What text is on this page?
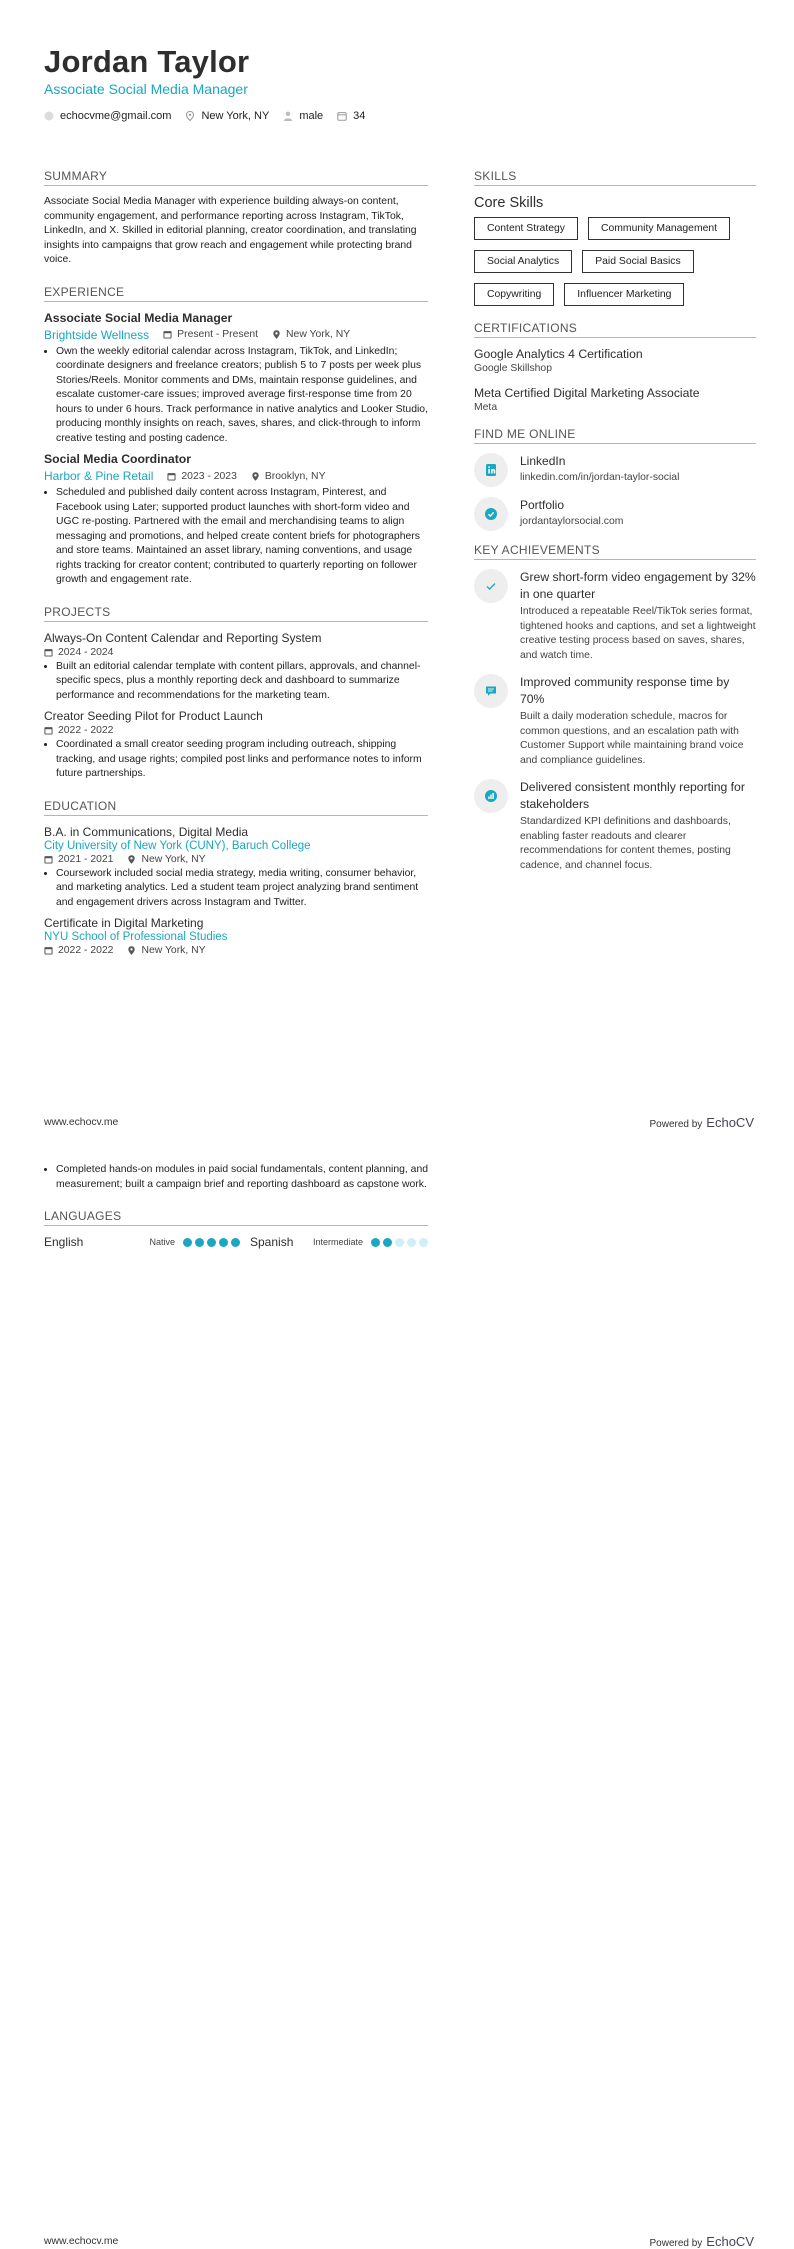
Jordan Taylor
Associate Social Media Manager
echocvme@gmail.com	New York, NY	male	34
SUMMARY
Associate Social Media Manager with experience building always-on content, community engagement, and performance reporting across Instagram, TikTok, LinkedIn, and X. Skilled in editorial planning, creator coordination, and translating insights into campaigns that grow reach and engagement while protecting brand voice.
EXPERIENCE
Associate Social Media Manager
Brightside Wellness	Present - Present	New York, NY
• Own the weekly editorial calendar across Instagram, TikTok, and LinkedIn; coordinate designers and freelance creators; publish 5 to 7 posts per week plus Stories/Reels. Monitor comments and DMs, maintain response guidelines, and escalate customer-care issues; improved average first-response time from 20 hours to under 6 hours. Track performance in native analytics and Looker Studio, producing monthly insights on reach, saves, shares, and click-through to inform creative testing and posting cadence.
Social Media Coordinator
Harbor & Pine Retail	2023 - 2023	Brooklyn, NY
• Scheduled and published daily content across Instagram, Pinterest, and Facebook using Later; supported product launches with short-form video and UGC re-posting. Partnered with the email and merchandising teams to align messaging and promotions, and helped create content briefs for photographers and store teams. Maintained an asset library, naming conventions, and usage rights tracking for creator content; contributed to quarterly reporting on follower growth and engagement rate.
PROJECTS
Always-On Content Calendar and Reporting System
2024 - 2024
• Built an editorial calendar template with content pillars, approvals, and channel-specific specs, plus a monthly reporting deck and dashboard to summarize performance and recommendations for the marketing team.
Creator Seeding Pilot for Product Launch
2022 - 2022
• Coordinated a small creator seeding program including outreach, shipping tracking, and usage rights; compiled post links and performance notes to inform future partnerships.
EDUCATION
B.A. in Communications, Digital Media
City University of New York (CUNY), Baruch College
2021 - 2021	New York, NY
• Coursework included social media strategy, media writing, consumer behavior, and marketing analytics. Led a student team project analyzing brand sentiment and engagement drivers across Instagram and Twitter.
Certificate in Digital Marketing
NYU School of Professional Studies
2022 - 2022	New York, NY
SKILLS
Core Skills
Content Strategy	Community Management
Social Analytics	Paid Social Basics
Copywriting	Influencer Marketing
CERTIFICATIONS
Google Analytics 4 Certification
Google Skillshop
Meta Certified Digital Marketing Associate
Meta
FIND ME ONLINE
LinkedIn
linkedin.com/in/jordan-taylor-social
Portfolio
jordantaylorsocial.com
KEY ACHIEVEMENTS
Grew short-form video engagement by 32% in one quarter
Introduced a repeatable Reel/TikTok series format, tightened hooks and captions, and set a lightweight creative testing process based on saves, shares, and watch time.
Improved community response time by 70%
Built a daily moderation schedule, macros for common questions, and an escalation path with Customer Support while maintaining brand voice and compliance guidelines.
Delivered consistent monthly reporting for stakeholders
Standardized KPI definitions and dashboards, enabling faster readouts and clearer recommendations for content themes, posting cadence, and channel focus.
www.echocv.me	Powered by EchoCV
• Completed hands-on modules in paid social fundamentals, content planning, and measurement; built a campaign brief and reporting dashboard as capstone work.
LANGUAGES
English	Native	Spanish	Intermediate
www.echocv.me	Powered by EchoCV
